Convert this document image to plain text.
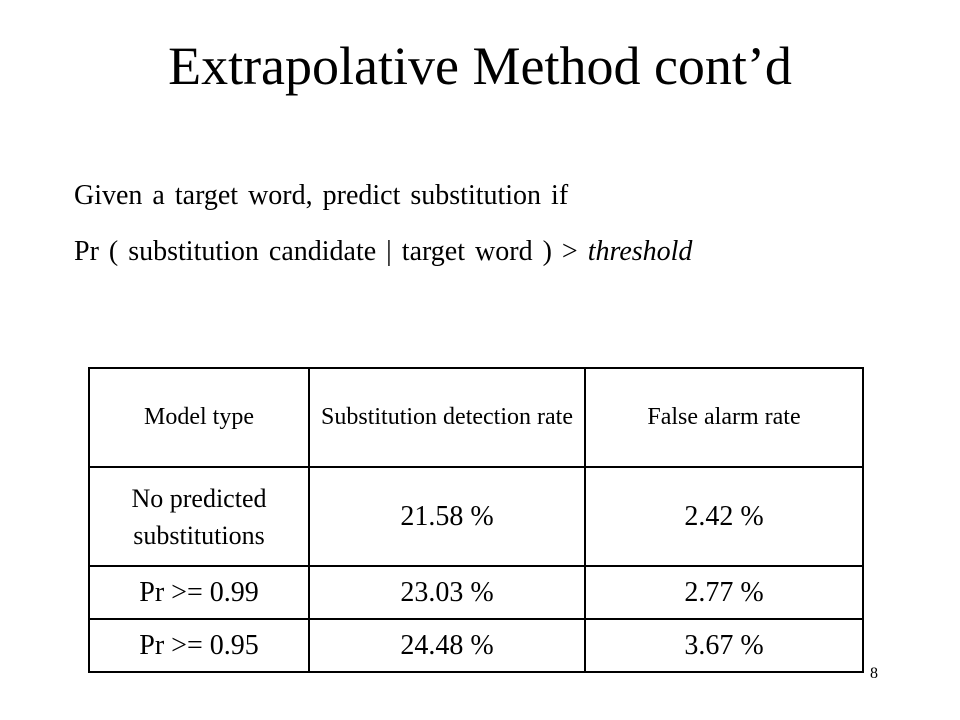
Extrapolative Method cont’d
Given a target word, predict substitution if
Pr ( substitution candidate | target word ) > threshold
Model type	Substitution detection rate	False alarm rate
No predicted substitutions	21.58 %	2.42 %
Pr >= 0.99	23.03 %	2.77 %
Pr >= 0.95	24.48 %	3.67 %
8
